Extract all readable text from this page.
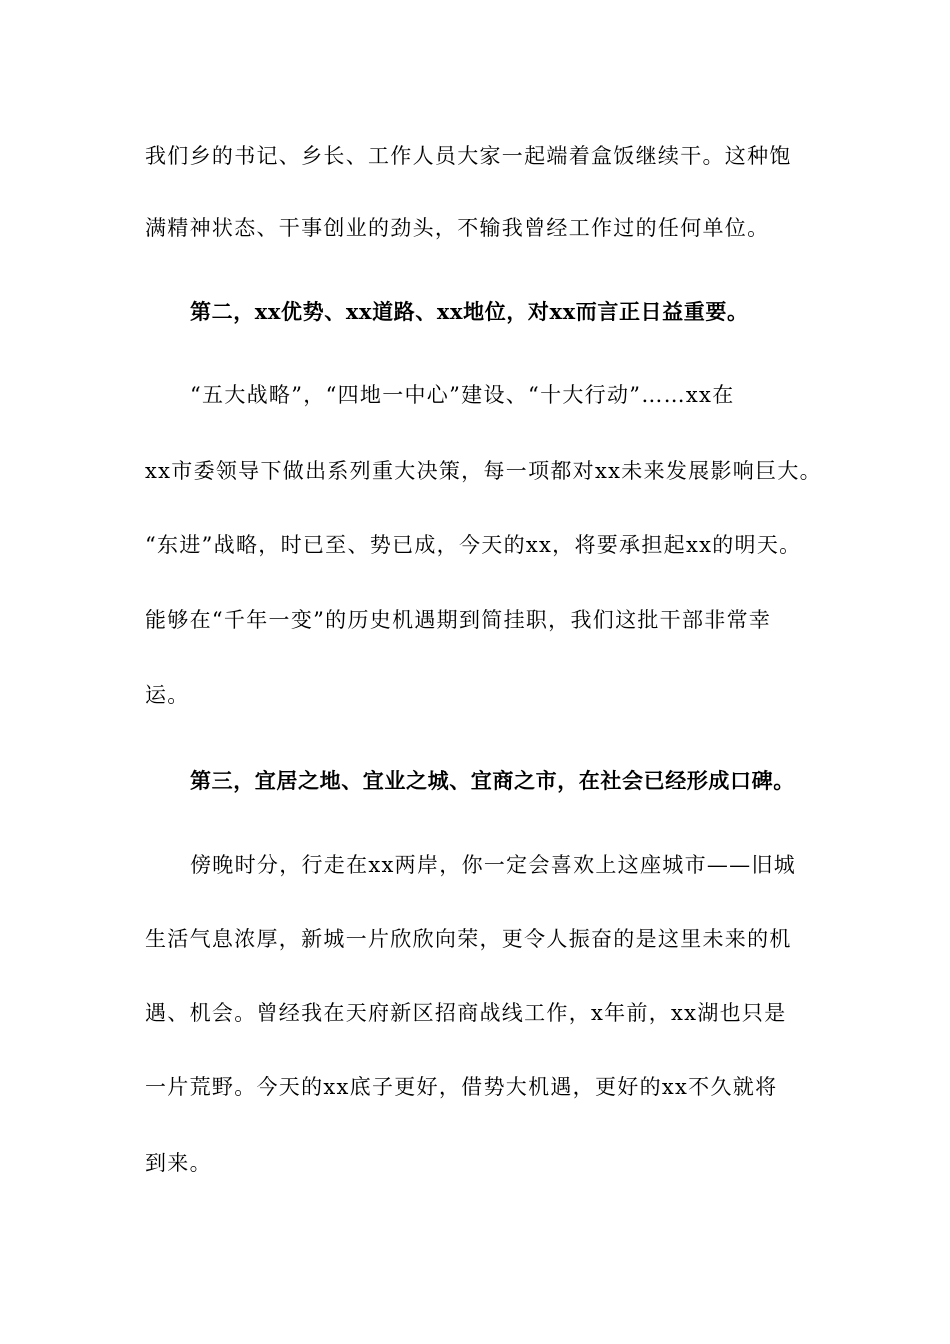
我们乡的书记、乡长、工作人员大家一起端着盒饭继续干。这种饱
满精神状态、干事创业的劲头，不输我曾经工作过的任何单位。
第二，xx优势、xx道路、xx地位，对xx而言正日益重要。
“五大战略”，“四地一中心”建设、“十大行动”……xx在
xx市委领导下做出系列重大决策，每一项都对xx未来发展影响巨大。
“东进”战略，时已至、势已成，今天的xx，将要承担起xx的明天。
能够在“千年一变”的历史机遇期到简挂职，我们这批干部非常幸
运。
第三，宜居之地、宜业之城、宜商之市，在社会已经形成口碑。
傍晚时分，行走在xx两岸，你一定会喜欢上这座城市——旧城
生活气息浓厚，新城一片欣欣向荣，更令人振奋的是这里未来的机
遇、机会。曾经我在天府新区招商战线工作，x年前，xx湖也只是
一片荒野。今天的xx底子更好，借势大机遇，更好的xx不久就将
到来。
